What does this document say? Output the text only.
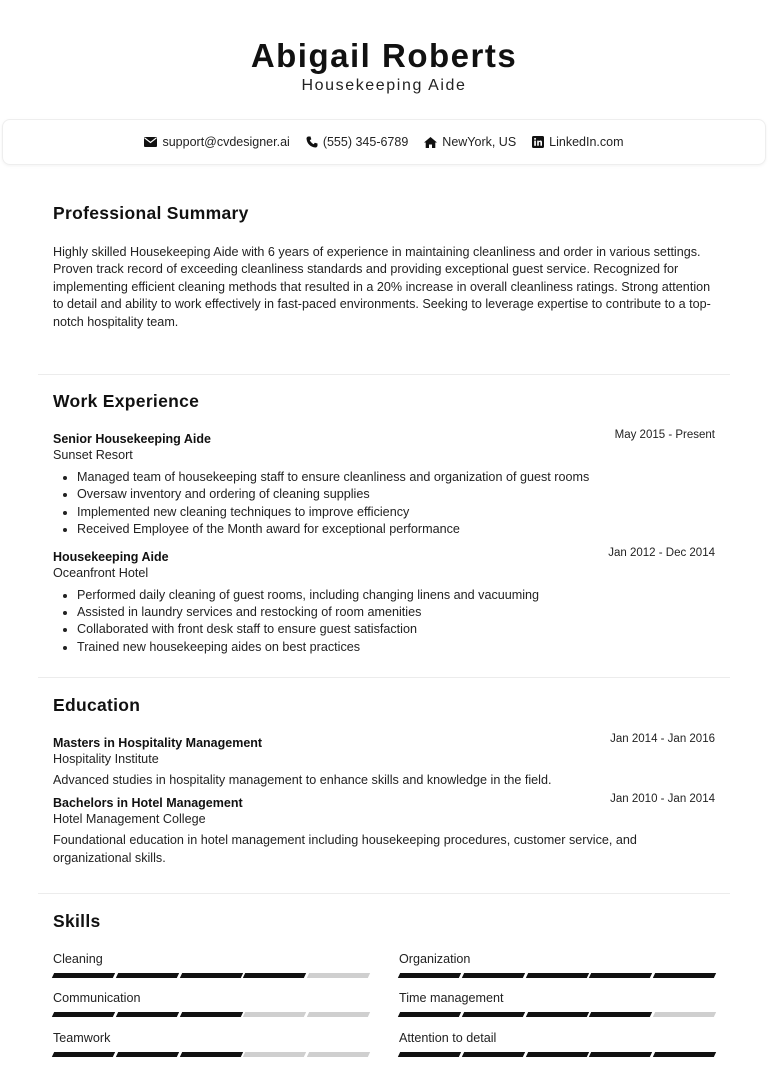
Abigail Roberts
Housekeeping Aide
support@cvdesigner.ai	(555) 345-6789	NewYork, US	LinkedIn.com
Professional Summary
Highly skilled Housekeeping Aide with 6 years of experience in maintaining cleanliness and order in various settings. Proven track record of exceeding cleanliness standards and providing exceptional guest service. Recognized for implementing efficient cleaning methods that resulted in a 20% increase in overall cleanliness ratings. Strong attention to detail and ability to work effectively in fast-paced environments. Seeking to leverage expertise to contribute to a top-notch hospitality team.
Work Experience
Senior Housekeeping Aide	May 2015 - Present
Sunset Resort
• Managed team of housekeeping staff to ensure cleanliness and organization of guest rooms
• Oversaw inventory and ordering of cleaning supplies
• Implemented new cleaning techniques to improve efficiency
• Received Employee of the Month award for exceptional performance
Housekeeping Aide	Jan 2012 - Dec 2014
Oceanfront Hotel
• Performed daily cleaning of guest rooms, including changing linens and vacuuming
• Assisted in laundry services and restocking of room amenities
• Collaborated with front desk staff to ensure guest satisfaction
• Trained new housekeeping aides on best practices
Education
Masters in Hospitality Management	Jan 2014 - Jan 2016
Hospitality Institute
Advanced studies in hospitality management to enhance skills and knowledge in the field.
Bachelors in Hotel Management	Jan 2010 - Jan 2014
Hotel Management College
Foundational education in hotel management including housekeeping procedures, customer service, and organizational skills.
Skills
Cleaning	Organization
Communication	Time management
Teamwork	Attention to detail
